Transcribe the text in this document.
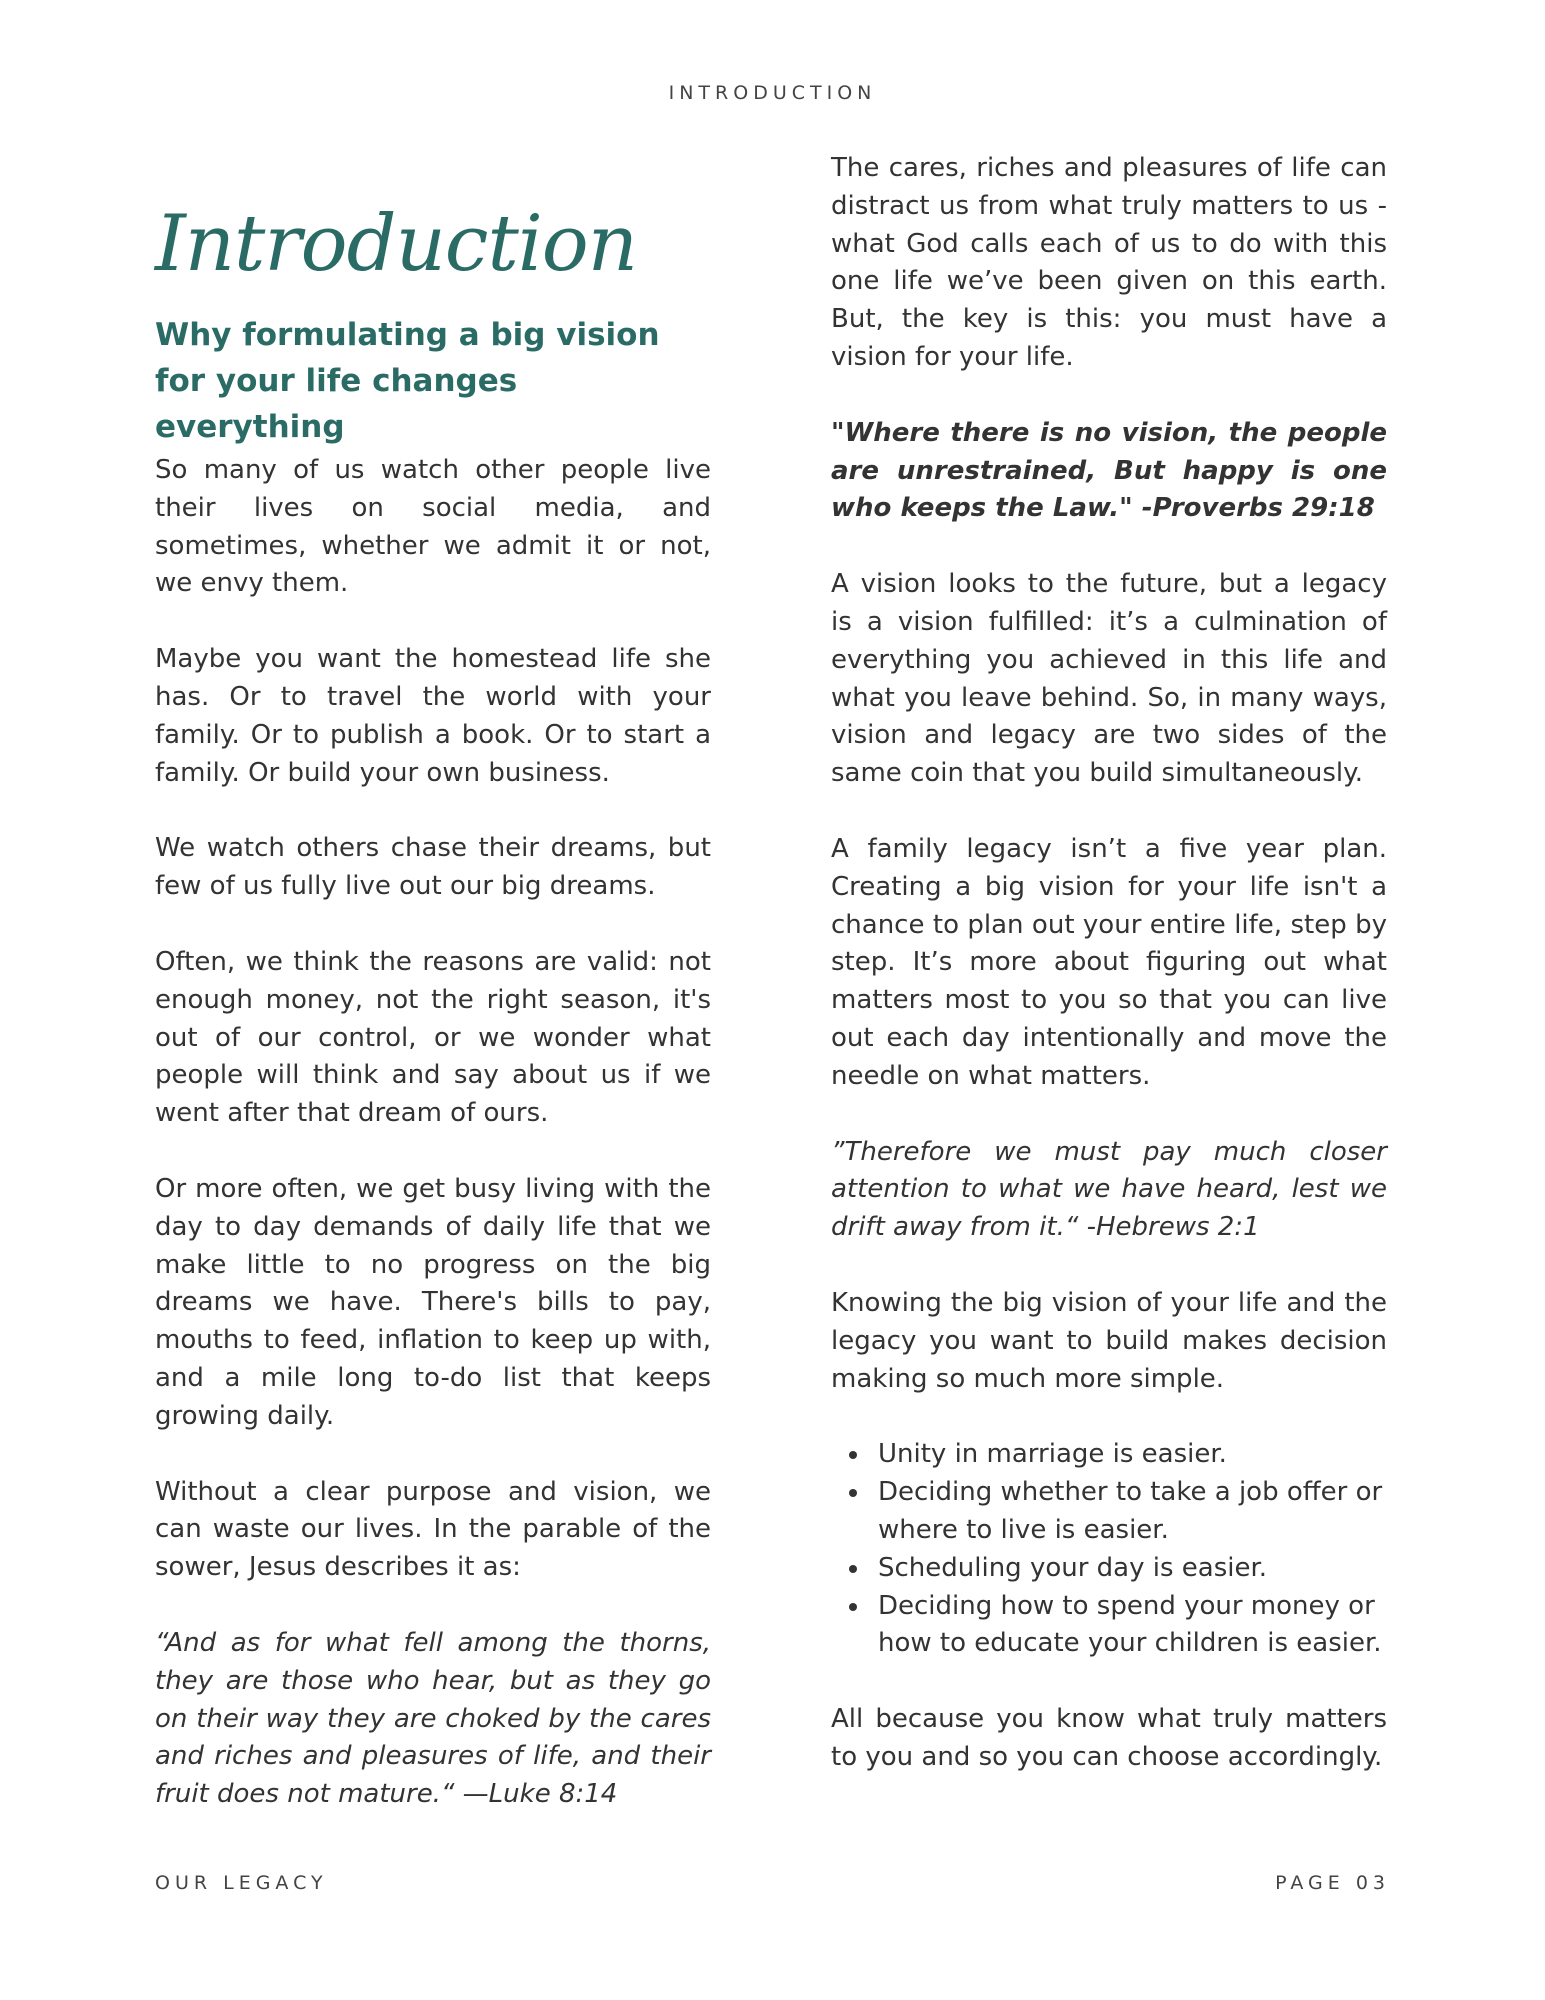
INTRODUCTION
Introduction
Why formulating a big vision for your life changes everything

So many of us watch other people live their lives on social media, and sometimes, whether we admit it or not, we envy them.

Maybe you want the homestead life she has. Or to travel the world with your family. Or to publish a book. Or to start a family. Or build your own business.

We watch others chase their dreams, but few of us fully live out our big dreams.

Often, we think the reasons are valid: not enough money, not the right season, it's out of our control, or we wonder what people will think and say about us if we went after that dream of ours.

Or more often, we get busy living with the day to day demands of daily life that we make little to no progress on the big dreams we have. There's bills to pay, mouths to feed, inflation to keep up with, and a mile long to-do list that keeps growing daily.

Without a clear purpose and vision, we can waste our lives. In the parable of the sower, Jesus describes it as:

“And as for what fell among the thorns, they are those who hear, but as they go on their way they are choked by the cares and riches and pleasures of life, and their fruit does not mature.“ —Luke 8:14

The cares, riches and pleasures of life can distract us from what truly matters to us - what God calls each of us to do with this one life we’ve been given on this earth. But, the key is this: you must have a vision for your life.

"Where there is no vision, the people are unrestrained, But happy is one who keeps the Law." -Proverbs 29:18

A vision looks to the future, but a legacy is a vision fulfilled: it’s a culmination of everything you achieved in this life and what you leave behind. So, in many ways, vision and legacy are two sides of the same coin that you build simultaneously.

A family legacy isn’t a five year plan. Creating a big vision for your life isn't a chance to plan out your entire life, step by step. It’s more about figuring out what matters most to you so that you can live out each day intentionally and move the needle on what matters.

”Therefore we must pay much closer attention to what we have heard, lest we drift away from it.“ -Hebrews 2:1

Knowing the big vision of your life and the legacy you want to build makes decision making so much more simple.

Unity in marriage is easier.
Deciding whether to take a job offer or where to live is easier.
Scheduling your day is easier.
Deciding how to spend your money or how to educate your children is easier.

All because you know what truly matters to you and so you can choose accordingly.

OUR LEGACY	PAGE 03
